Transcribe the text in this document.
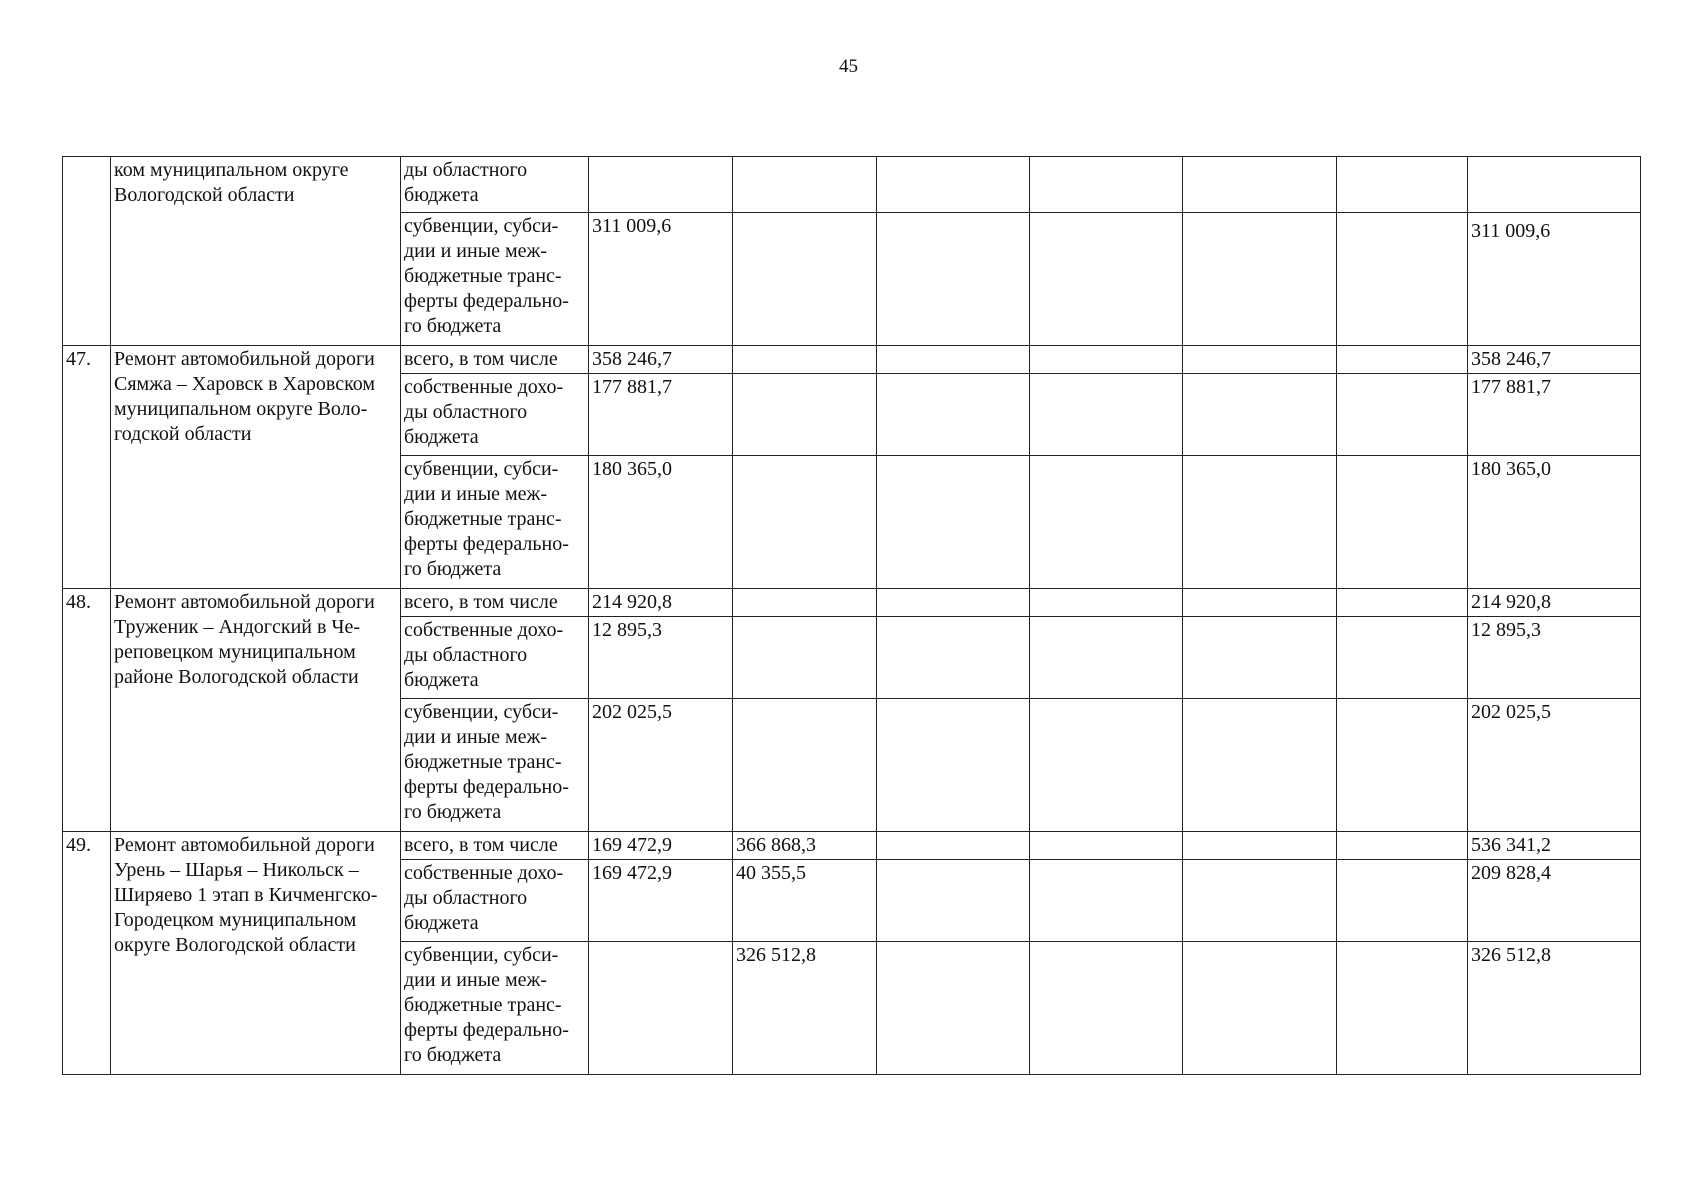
45
	ком муниципальном округе Вологодской области	ды областного
бюджета							
		субвенции, субси-
дии и иные меж-
бюджетные транс-
ферты федерально-
го бюджета	311 009,6						311 009,6
47.	Ремонт автомобильной дороги Сямжа – Харовск в Харовском муниципальном округе Воло-годской области	всего, в том числе	358 246,7						358 246,7
		собственные дохо-
ды областного
бюджета	177 881,7						177 881,7
		субвенции, субси-
дии и иные меж-
бюджетные транс-
ферты федерально-
го бюджета	180 365,0						180 365,0
48.	Ремонт автомобильной дороги Труженик – Андогский в Че-реповецком муниципальном районе Вологодской области	всего, в том числе	214 920,8						214 920,8
		собственные дохо-
ды областного
бюджета	12 895,3						12 895,3
		субвенции, субси-
дии и иные меж-
бюджетные транс-
ферты федерально-
го бюджета	202 025,5						202 025,5
49.	Ремонт автомобильной дороги Урень – Шарья – Никольск – Ширяево 1 этап в Кичменгско-Городецком муниципальном округе Вологодской области	всего, в том числе	169 472,9	366 868,3					536 341,2
		собственные дохо-
ды областного
бюджета	169 472,9	40 355,5					209 828,4
		субвенции, субси-
дии и иные меж-
бюджетные транс-
ферты федерально-
го бюджета		326 512,8					326 512,8
